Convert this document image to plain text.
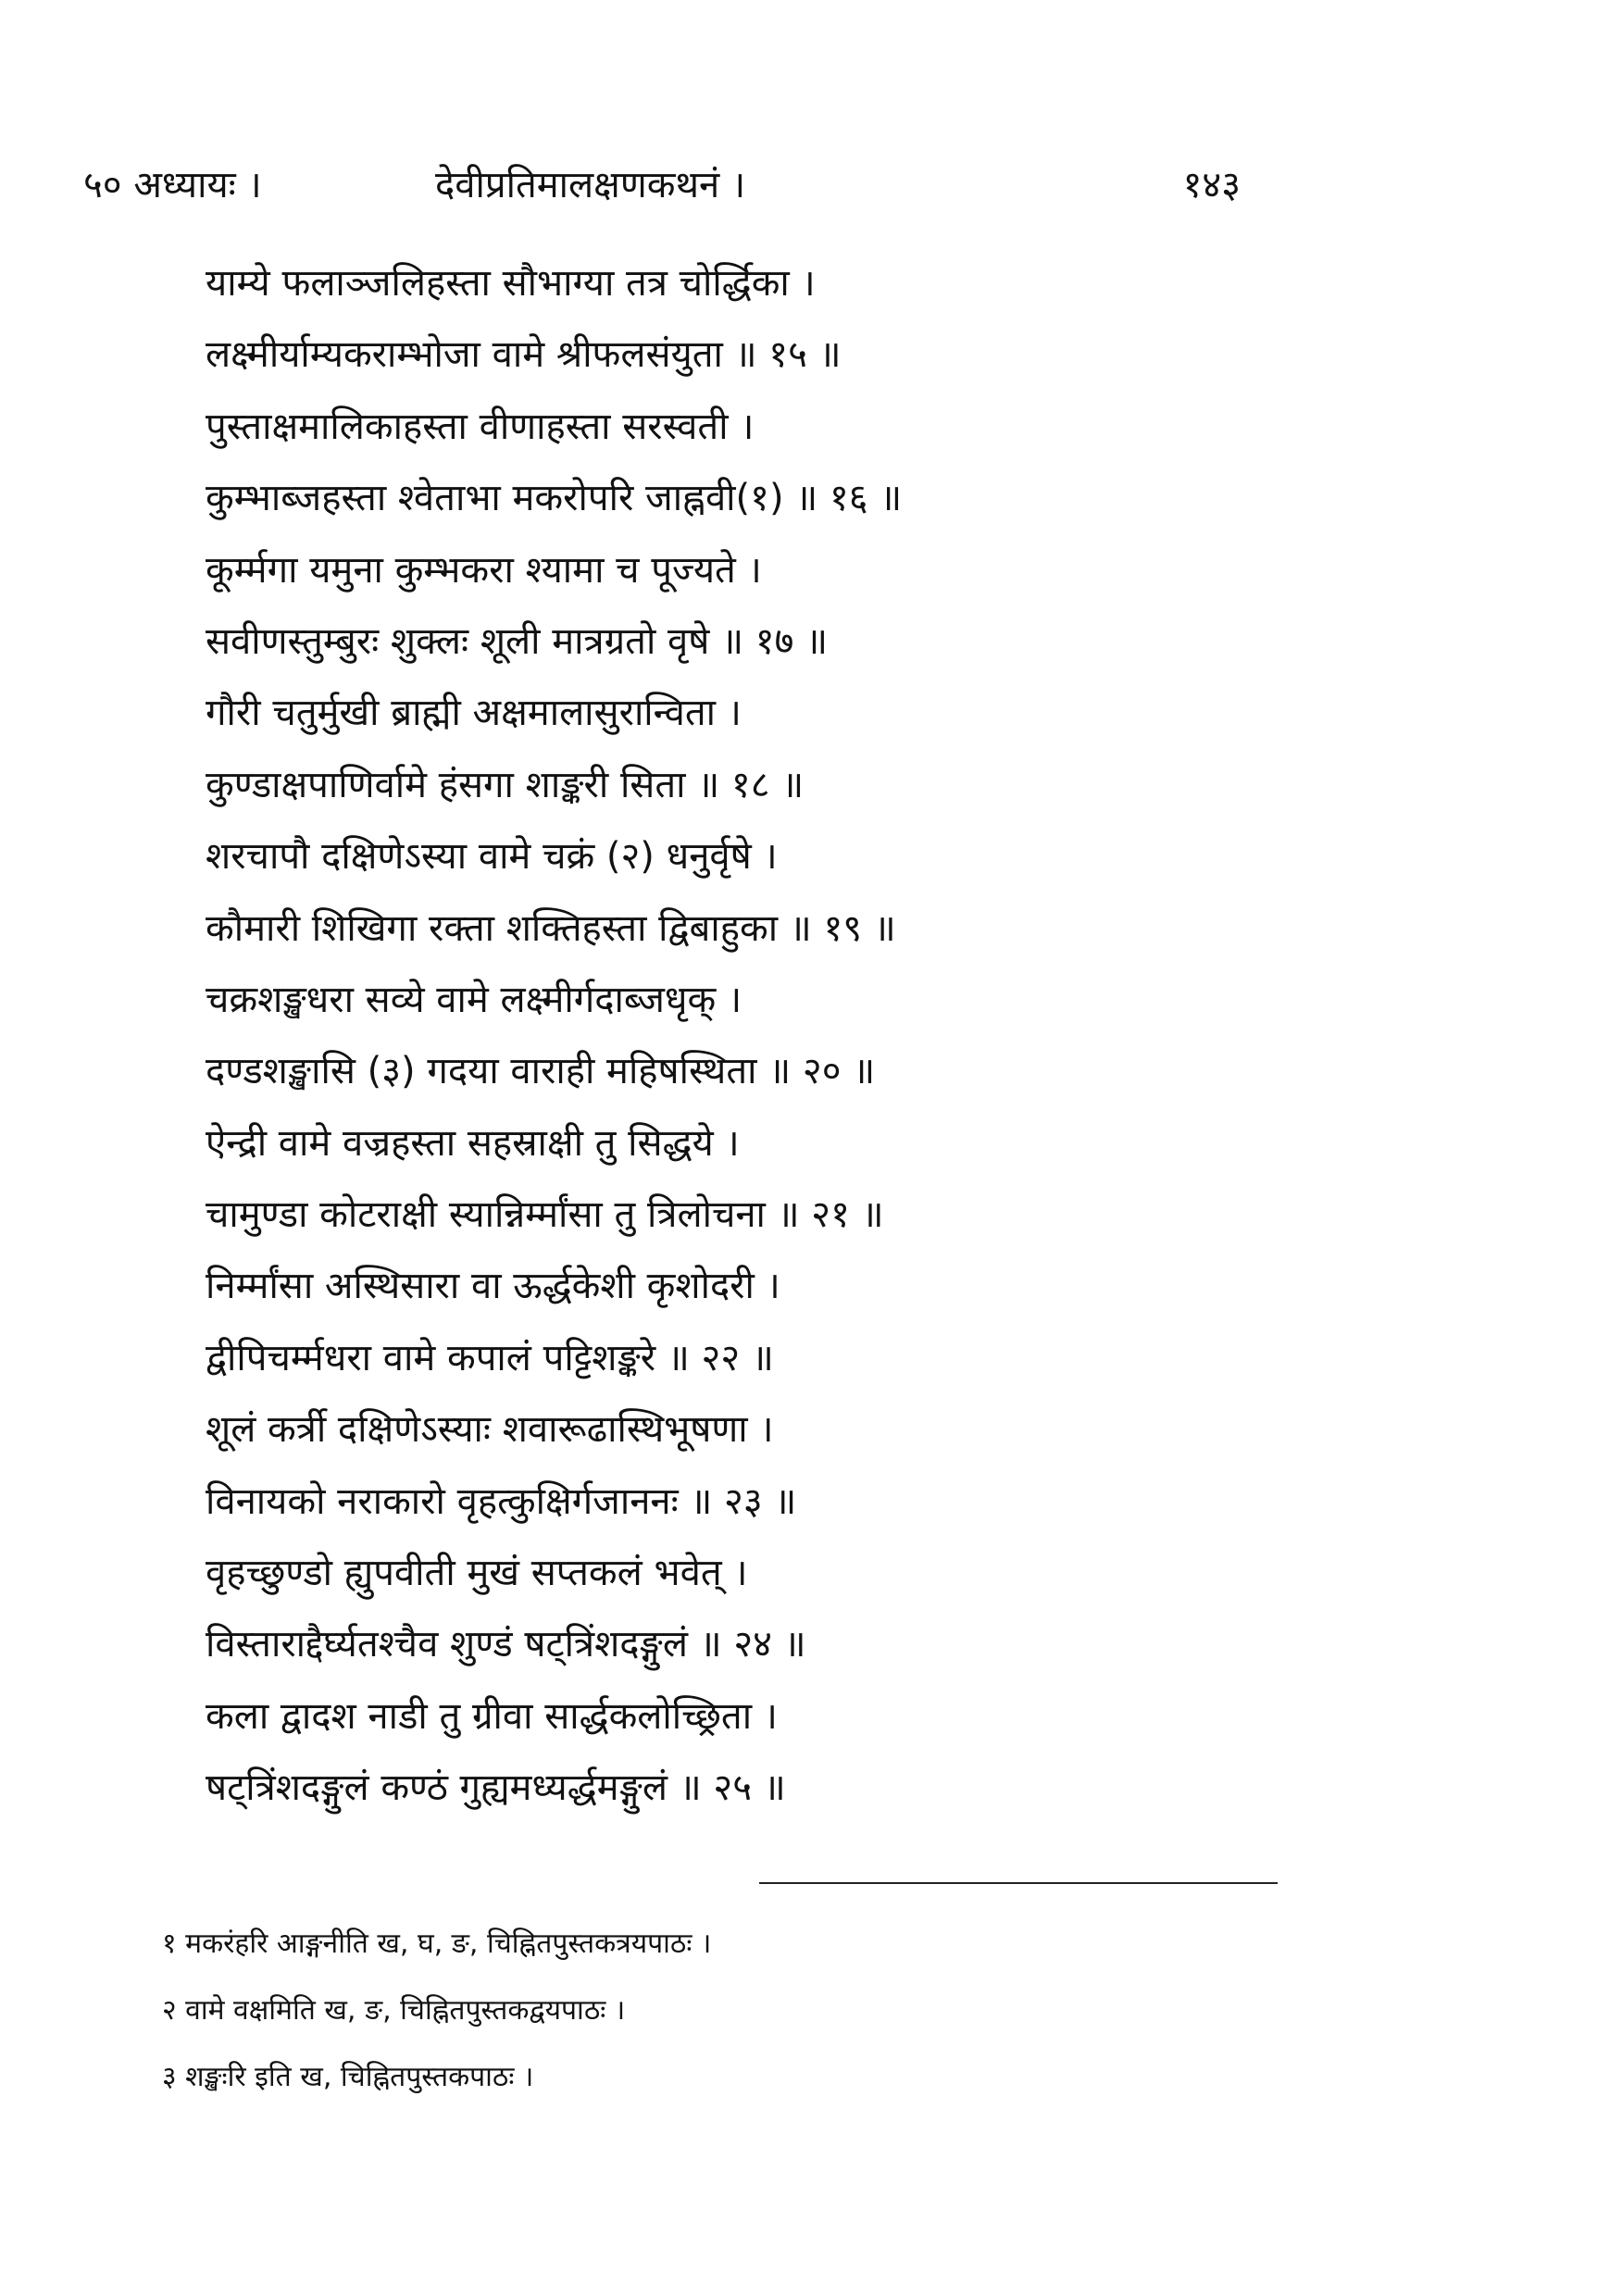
५० अध्यायः ।	देवीप्रतिमालक्षणकथनं ।	१४३
याम्ये फलाञ्जलिहस्ता सौभाग्या तत्र चोर्द्धिका ।
लक्ष्मीर्याम्यकराम्भोजा वामे श्रीफलसंयुता ॥ १५ ॥
पुस्ताक्षमालिकाहस्ता वीणाहस्ता सरस्वती ।
कुम्भाब्जहस्ता श्वेताभा मकरोपरि जाह्नवी(१) ॥ १६ ॥
कूर्म्मगा यमुना कुम्भकरा श्यामा च पूज्यते ।
सवीणस्तुम्बुरः शुक्लः शूली मात्रग्रतो वृषे ॥ १७ ॥
गौरी चतुर्मुखी ब्राह्मी अक्षमालासुरान्विता ।
कुण्डाक्षपाणिर्वामे हंसगा शाङ्करी सिता ॥ १८ ॥
शरचापौ दक्षिणेऽस्या वामे चक्रं (२) धनुर्वृषे ।
कौमारी शिखिगा रक्ता शक्तिहस्ता द्विबाहुका ॥ १९ ॥
चक्रशङ्खधरा सव्ये वामे लक्ष्मीर्गदाब्जधृक् ।
दण्डशङ्खासि (३) गदया वाराही महिषस्थिता ॥ २० ॥
ऐन्द्री वामे वज्रहस्ता सहस्राक्षी तु सिद्धये ।
चामुण्डा कोटराक्षी स्यान्निर्म्मांसा तु त्रिलोचना ॥ २१ ॥
निर्म्मांसा अस्थिसारा वा ऊर्द्धकेशी कृशोदरी ।
द्वीपिचर्म्मधरा वामे कपालं पट्टिशङ्करे ॥ २२ ॥
शूलं कर्त्री दक्षिणेऽस्याः शवारूढास्थिभूषणा ।
विनायको नराकारो वृहत्कुक्षिर्गजाननः ॥ २३ ॥
वृहच्छुण्डो ह्युपवीती मुखं सप्तकलं भवेत् ।
विस्ताराद्दैर्घ्यतश्चैव शुण्डं षट्त्रिंशदङ्गुलं ॥ २४ ॥
कला द्वादश नाडी तु ग्रीवा सार्द्धकलोच्छ्रिता ।
षट्त्रिंशदङ्गुलं कण्ठं गुह्यमध्यर्द्धमङ्गुलं ॥ २५ ॥
१ मकरंहरि आङ्गनीति ख, घ, ङ, चिह्नितपुस्तकत्रयपाठः ।
२ वामे वक्षमिति ख, ङ, चिह्नितपुस्तकद्वयपाठः ।
३ शङ्खःरि इति ख, चिह्नितपुस्तकपाठः ।
